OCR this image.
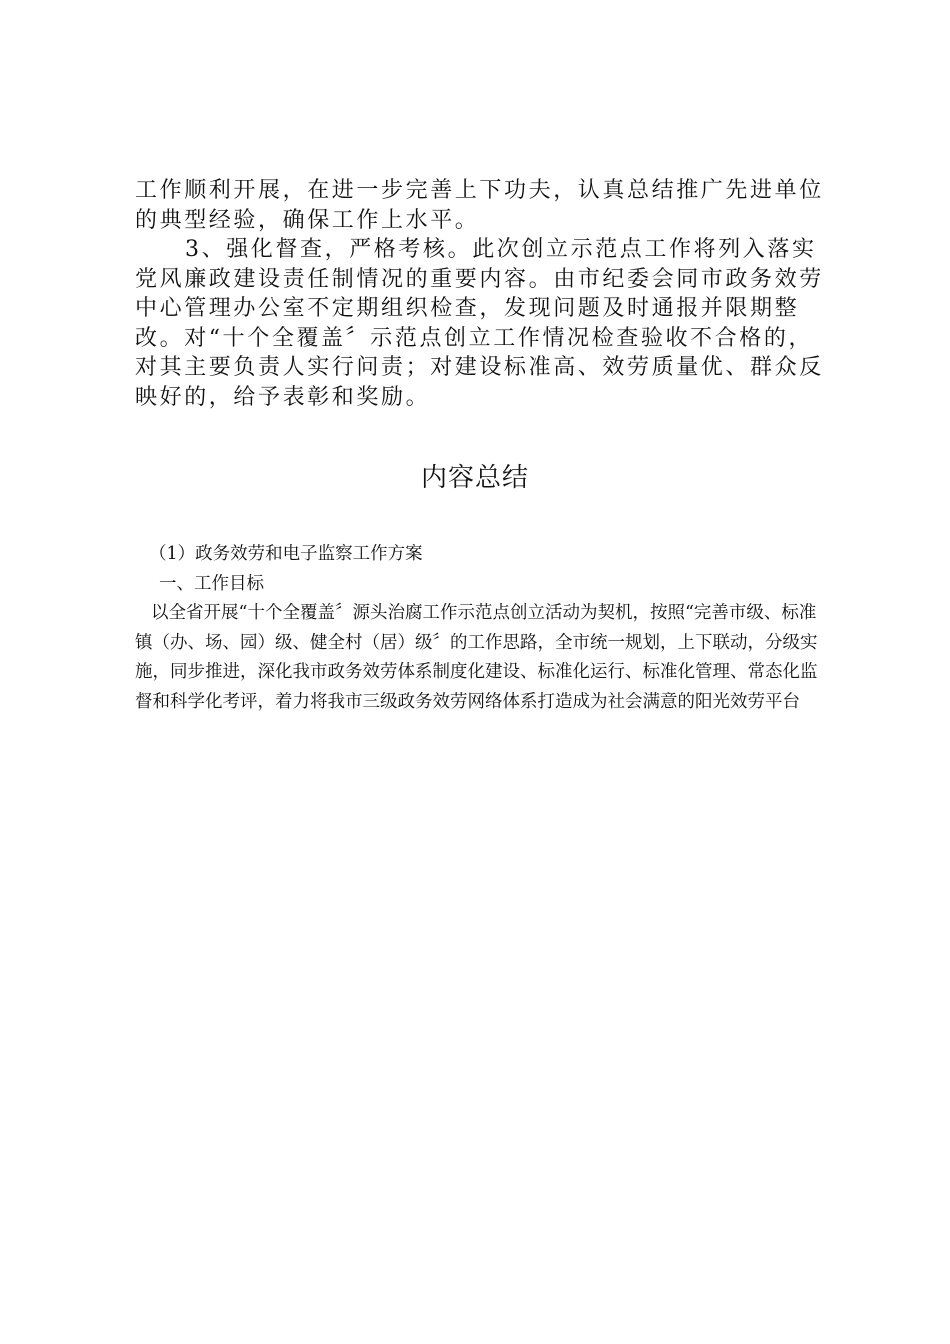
工作顺利开展，在进一步完善上下功夫，认真总结推广先进单位的典型经验，确保工作上水平。

3、强化督查，严格考核。此次创立示范点工作将列入落实党风廉政建设责任制情况的重要内容。由市纪委会同市政务效劳中心管理办公室不定期组织检查，发现问题及时通报并限期整改。对“十个全覆盖〞示范点创立工作情况检查验收不合格的，对其主要负责人实行问责；对建设标准高、效劳质量优、群众反映好的，给予表彰和奖励。

内容总结

（1）政务效劳和电子监察工作方案

一、工作目标

以全省开展“十个全覆盖〞源头治腐工作示范点创立活动为契机，按照“完善市级、标准镇（办、场、园）级、健全村（居）级〞的工作思路，全市统一规划，上下联动，分级实施，同步推进，深化我市政务效劳体系制度化建设、标准化运行、标准化管理、常态化监督和科学化考评，着力将我市三级政务效劳网络体系打造成为社会满意的阳光效劳平台
